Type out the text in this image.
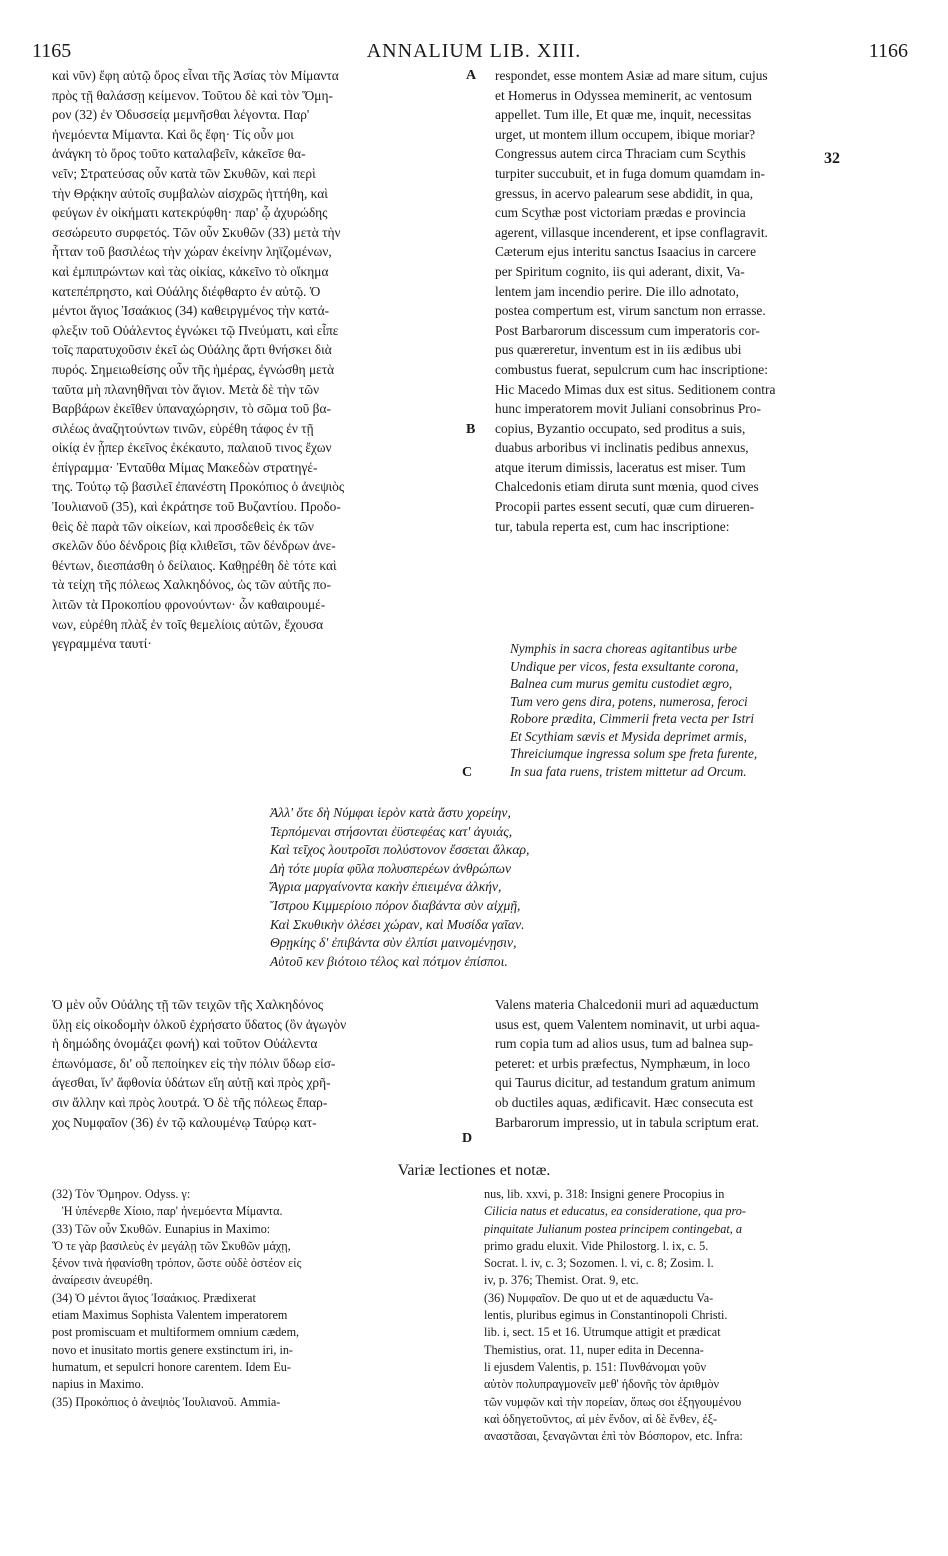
1165	ANNALIUM LIB. XIII.	1166
καὶ νῦν) ἔφη αὐτῷ ὄρος εἶναι τῆς Ἀσίας τὸν Μίμαντα
πρὸς τῇ θαλάσσῃ κείμενον. Τοῦτου δὲ καὶ τὸν Ὅμη-
ρον (32) ἐν Ὀδυσσείᾳ μεμνῆσθαι λέγοντα. Παρ'
ἠνεμόεντα Μίμαντα. Καὶ ὃς ἔφη· Τίς οὖν μοι
ἀνάγκη τὸ ὄρος τοῦτο καταλαβεῖν, κἀκεῖσε θα-
νεῖν; Στρατεύσας οὖν κατὰ τῶν Σκυθῶν, καὶ περὶ
τὴν Θρᾴκην αὐτοῖς συμβαλὼν αἰσχρῶς ἡττήθη, καὶ
φεύγων ἐν οἰκήματι κατεκρύφθη· παρ' ᾧ ἀχυρώδης
σεσώρευτο συρφετός. Τῶν οὖν Σκυθῶν (33) μετὰ τὴν
ἧτταν τοῦ βασιλέως τὴν χώραν ἐκείνην ληϊζομένων,
καὶ ἐμπιπρώντων καὶ τὰς οἰκίας, κἀκεῖνο τὸ οἴκημα
κατεπέπρηστο, καὶ Οὐάλης διέφθαρτο ἐν αὐτῷ. Ὁ
μέντοι ἅγιος Ἰσαάκιος (34) καθειργμένος τὴν κατά-
φλεξιν τοῦ Οὐάλεντος ἐγνώκει τῷ Πνεύματι, καὶ εἶπε
τοῖς παρατυχοῦσιν ἐκεῖ ὡς Οὐάλης ἄρτι θνήσκει διὰ
πυρός. Σημειωθείσης οὖν τῆς ἡμέρας, ἐγνώσθη μετὰ
ταῦτα μὴ πλανηθῆναι τὸν ἅγιον. Μετὰ δὲ τὴν τῶν
Βαρβάρων ἐκεῖθεν ὑπαναχώρησιν, τὸ σῶμα τοῦ βα-
σιλέως ἀναζητούντων τινῶν, εὑρέθη τάφος ἐν τῇ
οἰκίᾳ ἐν ᾗπερ ἐκεῖνος ἐκέκαυτο, παλαιοῦ τινος ἔχων
ἐπίγραμμα· Ἐνταῦθα Μίμας Μακεδὼν στρατηγέ-
της. Τούτῳ τῷ βασιλεῖ ἐπανέστη Προκόπιος ὁ ἀνεψιὸς
Ἰουλιανοῦ (35), καὶ ἐκράτησε τοῦ Βυζαντίου. Προδο-
θεὶς δὲ παρὰ τῶν οἰκείων, καὶ προσδεθεὶς ἐκ τῶν
σκελῶν δύο δένδροις βίᾳ κλιθεῖσι, τῶν δένδρων ἀνε-
θέντων, διεσπάσθη ὁ δείλαιος. Καθῃρέθη δὲ τότε καὶ
τὰ τείχη τῆς πόλεως Χαλκηδόνος, ὡς τῶν αὐτῆς πο-
λιτῶν τὰ Προκοπίου φρονούντων· ὧν καθαιρουμέ-
νων, εὑρέθη πλὰξ ἐν τοῖς θεμελίοις αὐτῶν, ἔχουσα
γεγραμμένα ταυτί·
respondet, esse montem Asiæ ad mare situm, cujus
et Homerus in Odyssea meminerit, ac ventosum
appellet. Tum ille, Et quæ me, inquit, necessitas
urget, ut montem illum occupem, ibique moriar?
Congressus autem circa Thraciam cum Scythis
turpiter succubuit, et in fuga domum quamdam in-
gressus, in acervo palearum sese abdidit, in qua,
cum Scythæ post victoriam prædas e provincia
agerent, villasque incenderent, et ipse conflagravit.
Cæterum ejus interitu sanctus Isaacius in carcere
per Spiritum cognito, iis qui aderant, dixit, Va-
lentem jam incendio perire. Die illo adnotato,
postea compertum est, virum sanctum non errasse.
Post Barbarorum discessum cum imperatoris cor-
pus quæreretur, inventum est in iis ædibus ubi
combustus fuerat, sepulcrum cum hac inscriptione:
Hic Macedo Mimas dux est situs. Seditionem contra
hunc imperatorem movit Juliani consobrinus Pro-
copius, Byzantio occupato, sed proditus a suis,
duabus arboribus vi inclinatis pedibus annexus,
atque iterum dimissis, laceratus est miser. Tum
Chalcedonis etiam diruta sunt mœnia, quod cives
Procopii partes essent secuti, quæ cum dirueren-
tur, tabula reperta est, cum hac inscriptione:
32
A
B
C
D
Nymphis in sacra choreas agitantibus urbe
Undique per vicos, festa exsultante corona,
Balnea cum murus gemitu custodiet ægro,
Tum vero gens dira, potens, numerosa, feroci
Robore prædita, Cimmerii freta vecta per Istri
Et Scythiam sævis et Mysida deprimet armis,
Threiciumque ingressa solum spe freta furente,
In sua fata ruens, tristem mittetur ad Orcum.
Ἀλλ' ὅτε δὴ Νύμφαι ἱερὸν κατὰ ἄστυ χορείην,
Τερπόμεναι στήσονται ἐϋστεφέας κατ' ἀγυιάς,
Καὶ τεῖχος λουτροῖσι πολύστονον ἔσσεται ἄλκαρ,
Δὴ τότε μυρία φῦλα πολυσπερέων ἀνθρώπων
Ἄγρια μαργαίνοντα κακὴν ἐπιειμένα ἀλκήν,
Ἴστρου Κιμμερίοιο πόρον διαβάντα σὺν αἰχμῇ,
Καὶ Σκυθικὴν ὀλέσει χώραν, καὶ Μυσίδα γαῖαν.
Θρῃκίης δ' ἐπιβάντα σὺν ἐλπίσι μαινομένῃσιν,
Αὐτοῦ κεν βιότοιο τέλος καὶ πότμον ἐπίσποι.
Ὁ μὲν οὖν Οὐάλης τῇ τῶν τειχῶν τῆς Χαλκηδόνος
ὕλῃ εἰς οἰκοδομὴν ὀλκοῦ ἐχρήσατο ὕδατος (ὃν ἀγωγὸν
ἡ δημώδης ὀνομάζει φωνή) καὶ τοῦτον Οὐάλεντα
ἐπωνόμασε, δι' οὗ πεποίηκεν εἰς τὴν πόλιν ὕδωρ εἰσ-
άγεσθαι, ἵν' ἄφθονία ὑδάτων εἴη αὐτῇ καὶ πρὸς χρῆ-
σιν ἄλλην καὶ πρὸς λουτρά. Ὁ δὲ τῆς πόλεως ἔπαρ-
χος Νυμφαῖον (36) ἐν τῷ καλουμένῳ Ταύρῳ κατ-
Valens materia Chalcedonii muri ad aquæductum
usus est, quem Valentem nominavit, ut urbi aqua-
rum copia tum ad alios usus, tum ad balnea sup-
peteret: et urbis præfectus, Nymphæum, in loco
qui Taurus dicitur, ad testandum gratum animum
ob ductiles aquas, ædificavit. Hæc consecuta est
Barbarorum impressio, ut in tabula scriptum erat.
Variæ lectiones et notæ.
(32) Τὸν Ὅμηρον. Odyss. γ:
Ἡ ὑπένερθε Χίοιο, παρ' ἠνεμόεντα Μίμαντα.
(33) Τῶν οὖν Σκυθῶν. Eunapius in Maximo:
Ὅ τε γὰρ βασιλεὺς ἐν μεγάλῃ τῶν Σκυθῶν μάχῃ,
ξένον τινὰ ἠφανίσθη τρόπον, ὥστε οὐδὲ ὀστέον εἰς
ἀναίρεσιν ἀνευρέθη.
(34) Ὁ μέντοι ἅγιος Ἰσαάκιος. Prædixerat
etiam Maximus Sophista Valentem imperatorem
post promiscuam et multiformem omnium cædem,
novo et inusitato mortis genere exstinctum iri, in-
humatum, et sepulcri honore carentem. Idem Eu-
napius in Maximo.
(35) Προκόπιος ὁ ἀνεψιὸς Ἰουλιανοῦ. Ammia-
nus, lib. xxvi, p. 318: Insigni genere Procopius in
Cilicia natus et educatus, ea consideratione, qua pro-
pinquitate Julianum postea principem contingebat, a
primo gradu eluxit. Vide Philostorg. l. ix, c. 5.
Socrat. l. iv, c. 3; Sozomen. l. vi, c. 8; Zosim. l.
iv, p. 376; Themist. Orat. 9, etc.
(36) Νυμφαῖον. De quo ut et de aquæductu Va-
lentis, pluribus egimus in Constantinopoli Christi.
lib. i, sect. 15 et 16. Utrumque attigit et prædicat
Themistius, orat. 11, nuper edita in Decenna-
li ejusdem Valentis, p. 151: Πυνθάνομαι γοῦν
αὐτὸν πολυπραγμονεῖν μεθ' ἡδονῆς τὸν ἀριθμὸν
τῶν νυμφῶν καὶ τὴν πορείαν, ὅπως σοι ἐξηγουμένου
καὶ ὁδηγετοῦντος, αἱ μὲν ἔνδον, αἱ δὲ ἔνθεν, ἐξ-
αναστᾶσαι, ξεναγῶνται ἐπὶ τὸν Βόσπορον, etc. Infra:
